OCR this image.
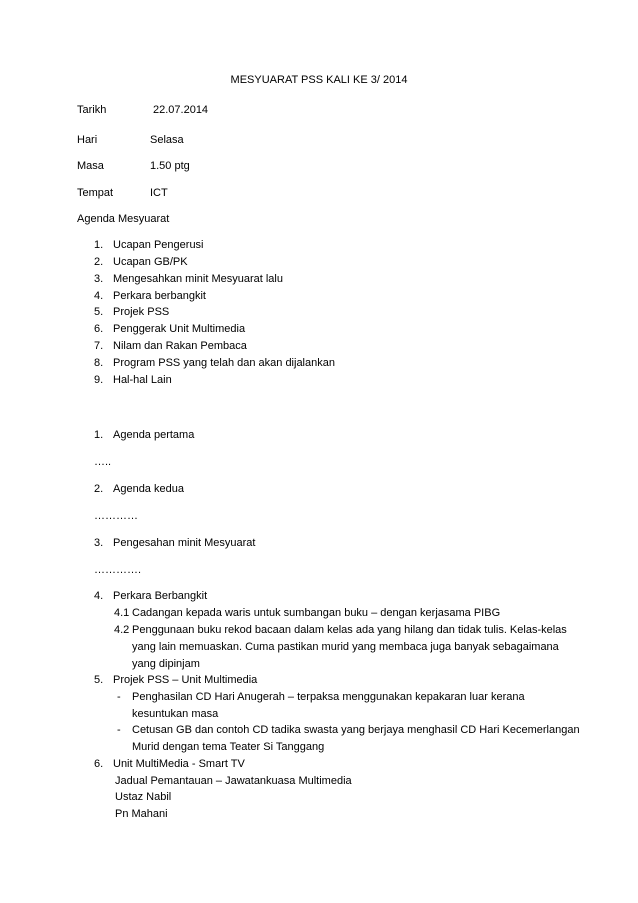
MESYUARAT PSS KALI KE 3/ 2014
Tarikh	22.07.2014
Hari	Selasa
Masa	1.50 ptg
Tempat	ICT
Agenda Mesyuarat
1. Ucapan Pengerusi
2. Ucapan GB/PK
3. Mengesahkan minit Mesyuarat lalu
4. Perkara berbangkit
5. Projek PSS
6. Penggerak Unit Multimedia
7. Nilam dan Rakan Pembaca
8. Program PSS yang telah dan akan dijalankan
9. Hal-hal Lain
1. Agenda pertama
…..
2. Agenda kedua
…………
3. Pengesahan minit Mesyuarat
………….
4. Perkara Berbangkit
4.1 Cadangan kepada waris untuk sumbangan buku – dengan kerjasama PIBG
4.2 Penggunaan buku rekod bacaan dalam kelas ada yang hilang dan tidak tulis. Kelas-kelas
yang lain memuaskan. Cuma pastikan murid yang membaca juga banyak sebagaimana
yang dipinjam
5. Projek PSS – Unit Multimedia
- Penghasilan CD Hari Anugerah – terpaksa menggunakan kepakaran luar kerana
kesuntukan masa
- Cetusan GB dan contoh CD tadika swasta yang berjaya menghasil CD Hari Kecemerlangan
Murid dengan tema Teater Si Tanggang
6. Unit MultiMedia - Smart TV
Jadual Pemantauan – Jawatankuasa Multimedia
Ustaz Nabil
Pn Mahani
